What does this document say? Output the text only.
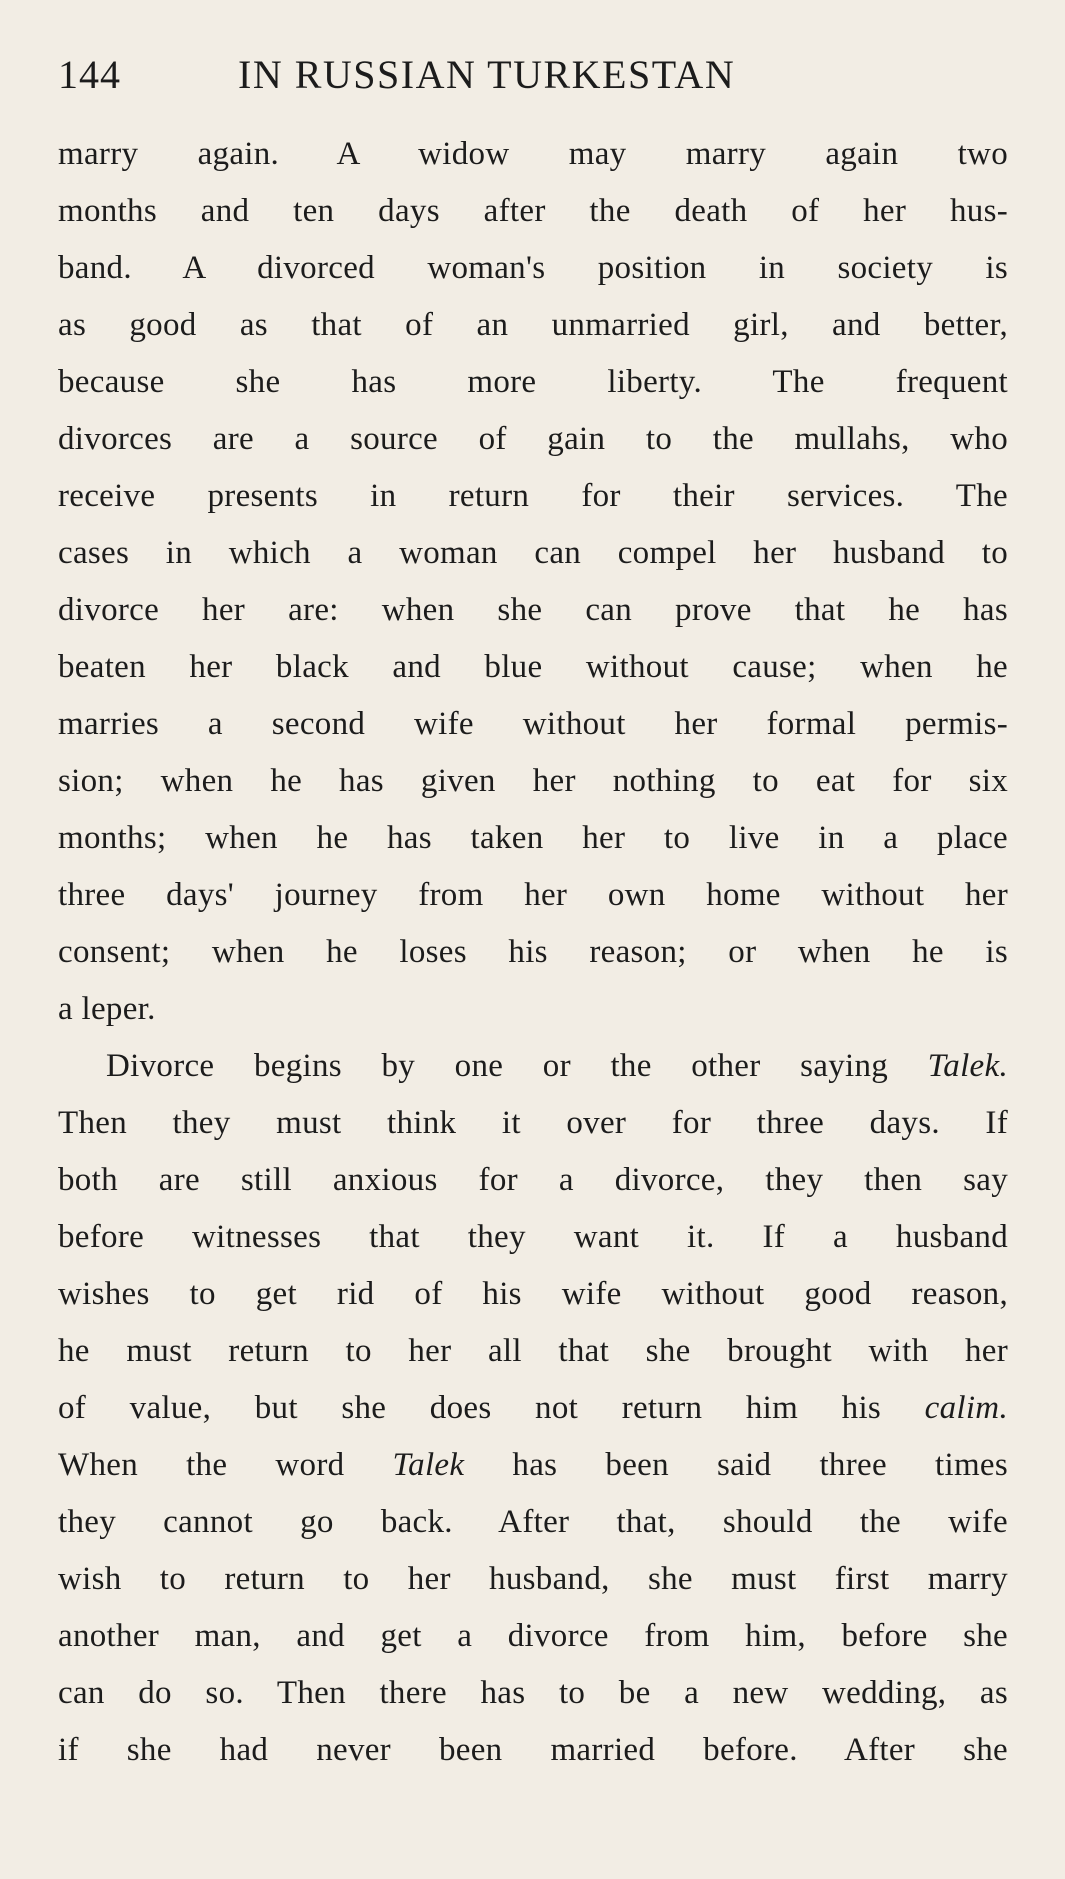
144	IN RUSSIAN TURKESTAN
marry again. A widow may marry again two
months and ten days after the death of her hus-
band. A divorced woman's position in society is
as good as that of an unmarried girl, and better,
because she has more liberty. The frequent
divorces are a source of gain to the mullahs, who
receive presents in return for their services. The
cases in which a woman can compel her husband to
divorce her are: when she can prove that he has
beaten her black and blue without cause; when he
marries a second wife without her formal permis-
sion; when he has given her nothing to eat for six
months; when he has taken her to live in a place
three days' journey from her own home without her
consent; when he loses his reason; or when he is
a leper.
Divorce begins by one or the other saying Talek.
Then they must think it over for three days. If
both are still anxious for a divorce, they then say
before witnesses that they want it. If a husband
wishes to get rid of his wife without good reason,
he must return to her all that she brought with her
of value, but she does not return him his calim.
When the word Talek has been said three times
they cannot go back. After that, should the wife
wish to return to her husband, she must first marry
another man, and get a divorce from him, before she
can do so. Then there has to be a new wedding, as
if she had never been married before. After she
